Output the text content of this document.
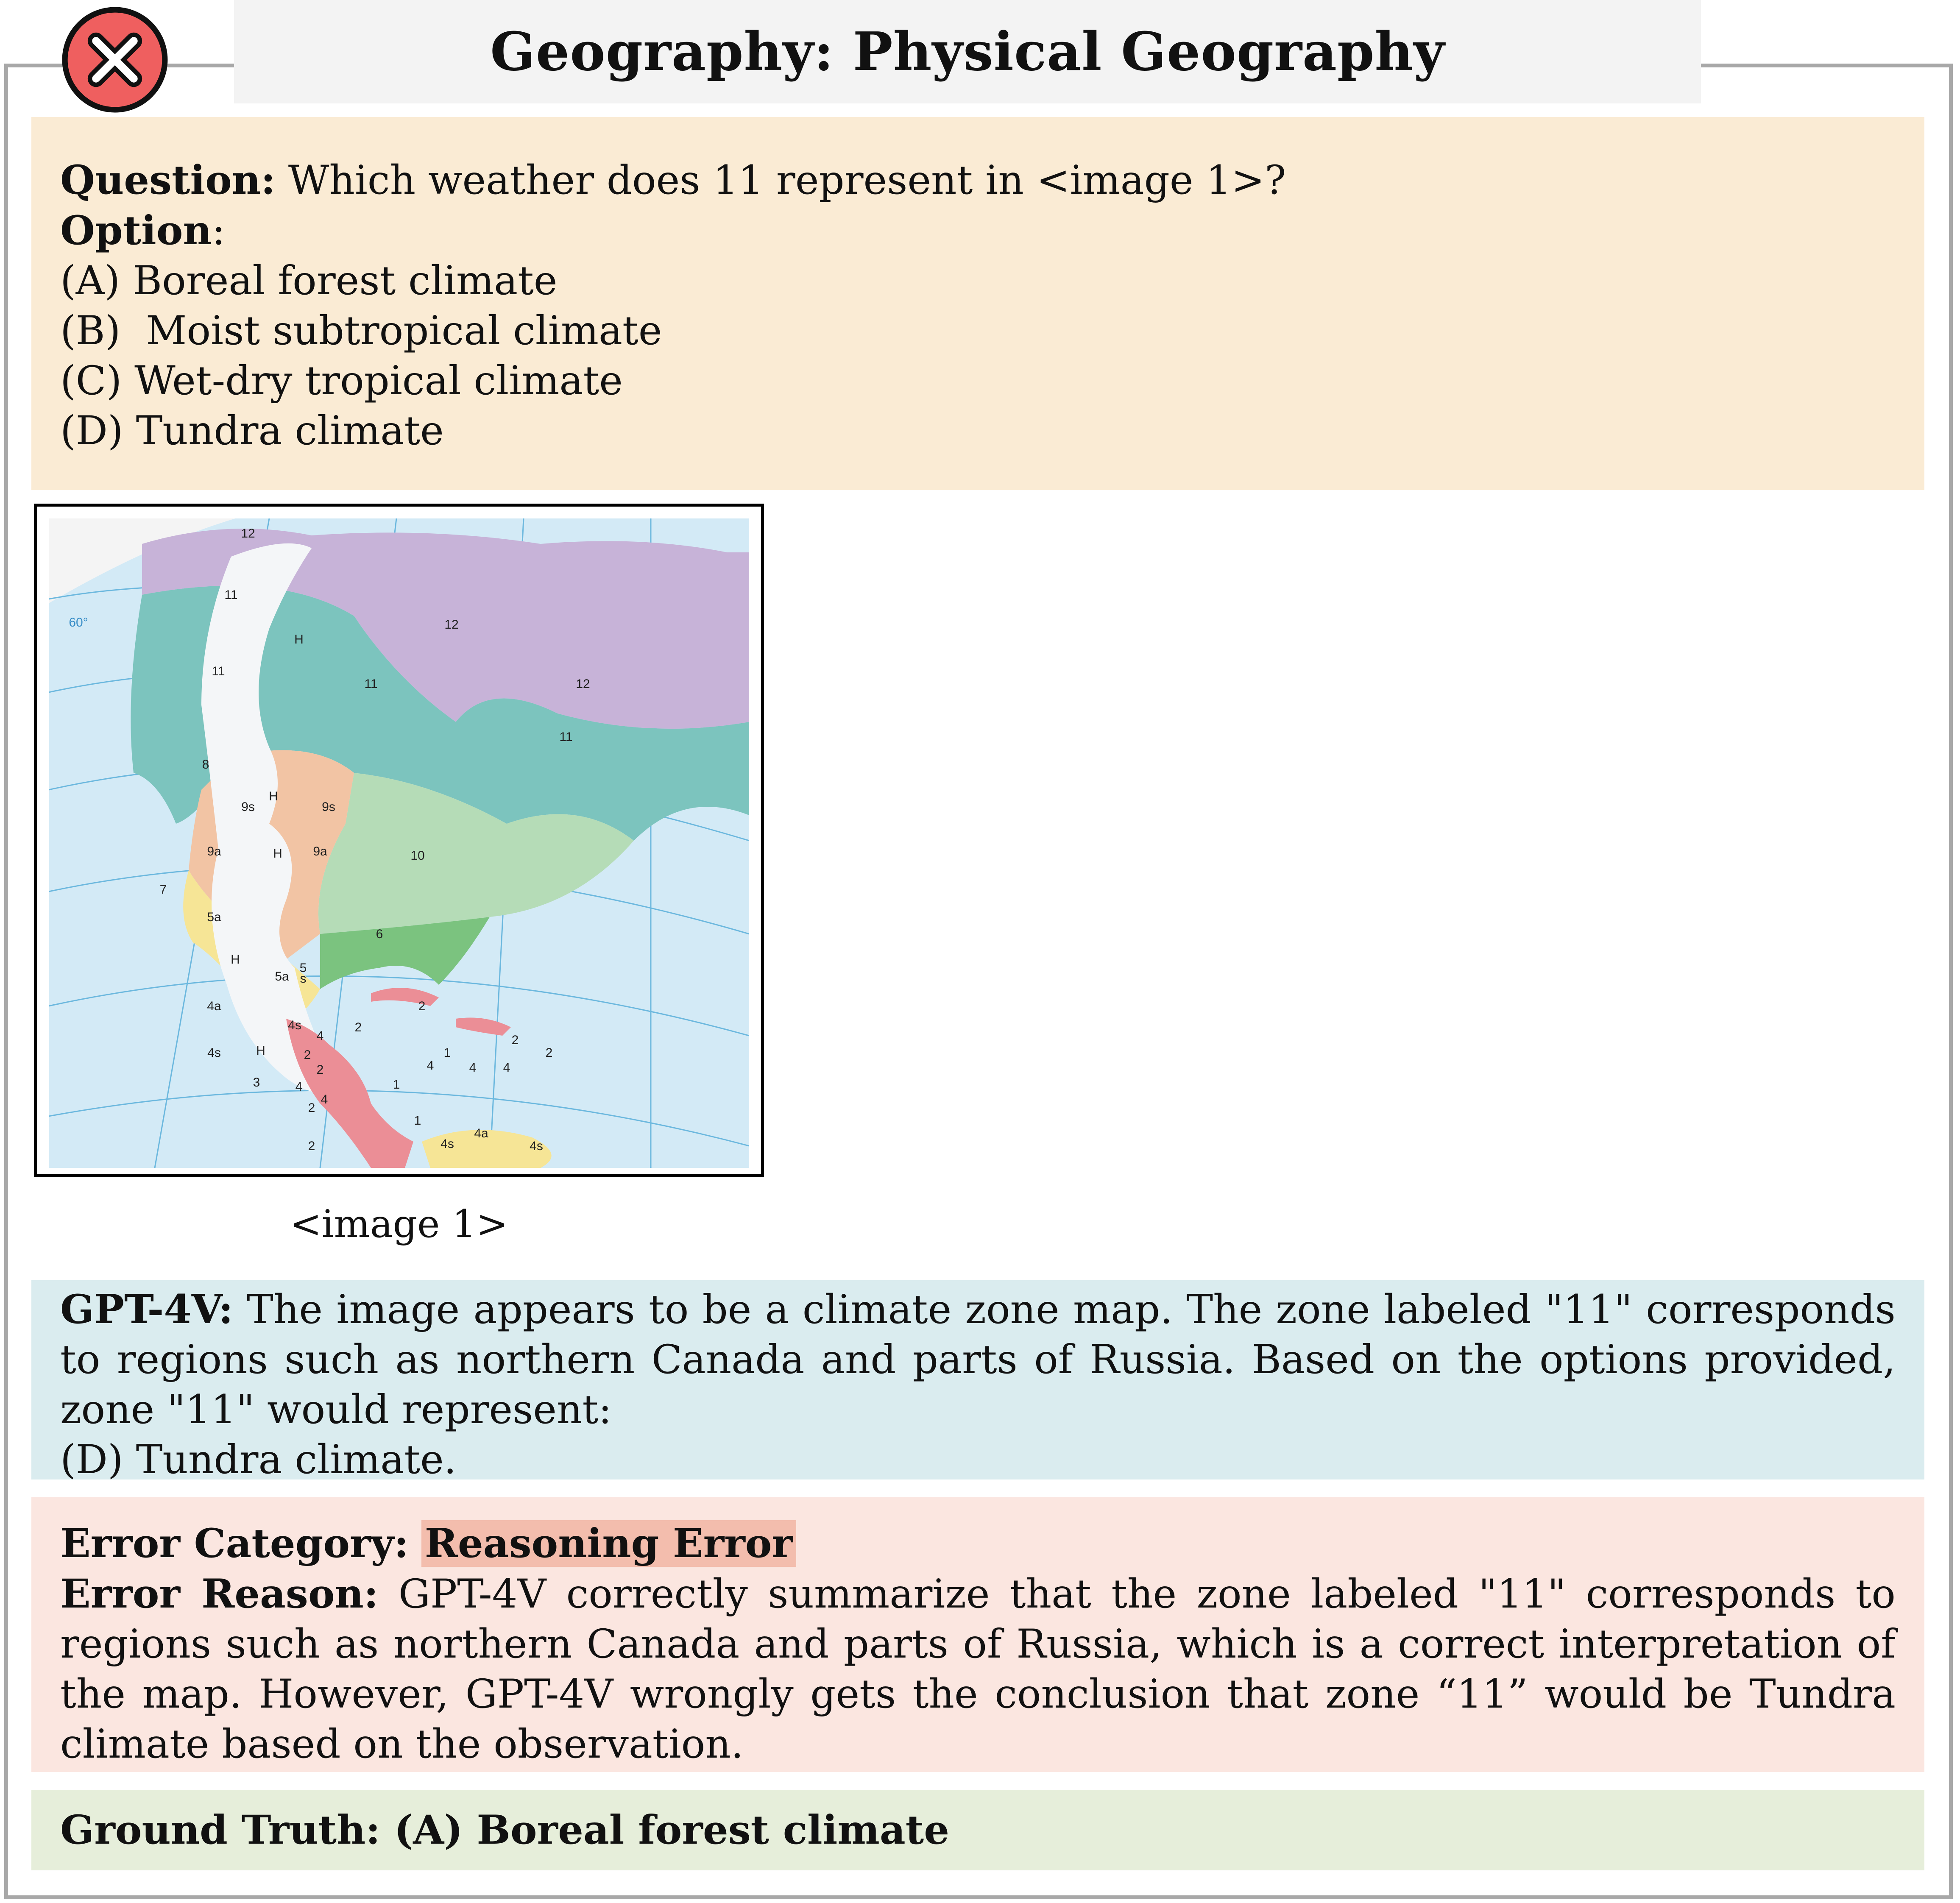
Geography: Physical Geography
Question: Which weather does 11 represent in <image 1>?
Option:
(A) Boreal forest climate
(B)  Moist subtropical climate
(C) Wet-dry tropical climate
(D) Tundra climate
12
11
60°
11
H
11
12
12
11
8
H
9s	9s
9a	H 9a	10
7
5a
6
H
5a
5
s
4a	2
4s	2
4s	H	2
4
2
1
4
2
2
4
3	4
4
2
1
1
4a
4s	4s
2
4
<image 1>
GPT-4V: The image appears to be a climate zone map. The zone labeled "11" corresponds to regions such as northern Canada and parts of Russia. Based on the options provided, zone "11" would represent:
(D) Tundra climate.
Error Category: Reasoning Error
Error Reason: GPT-4V correctly summarize that the zone labeled "11" corresponds to regions such as northern Canada and parts of Russia, which is a correct interpretation of the map. However, GPT-4V wrongly gets the conclusion that zone “11” would be Tundra climate based on the observation.
Ground Truth: (A) Boreal forest climate
